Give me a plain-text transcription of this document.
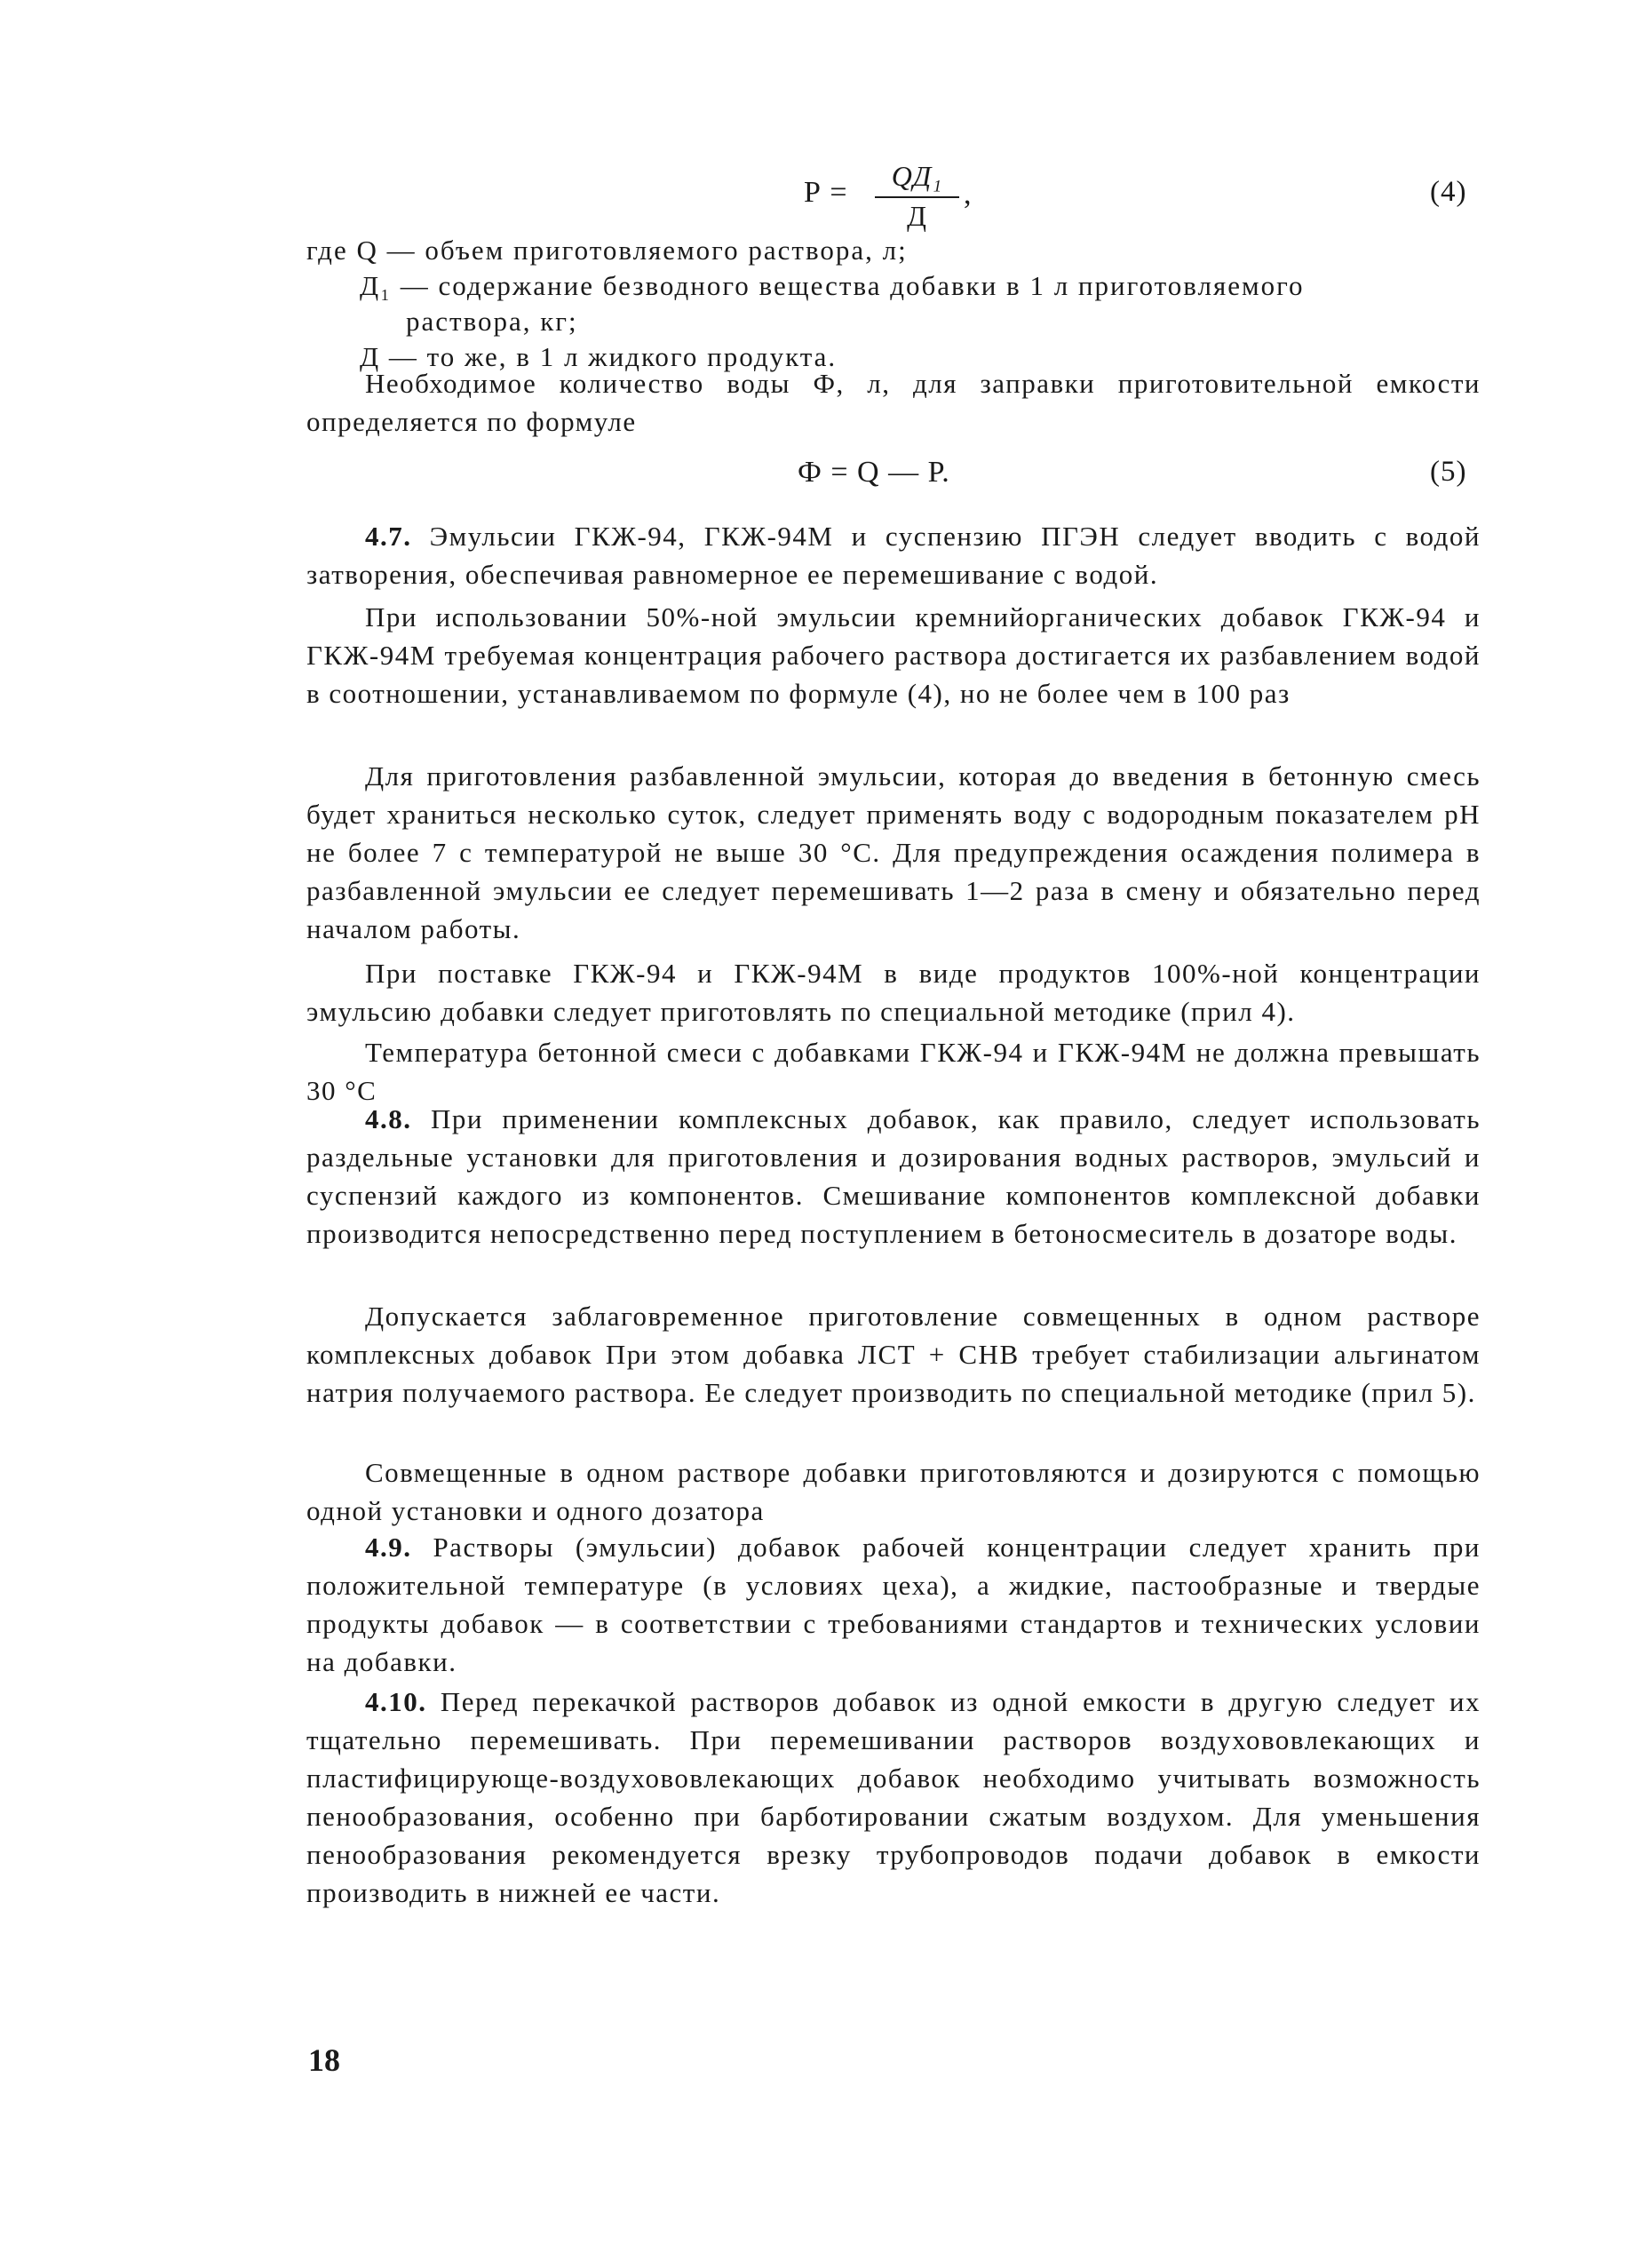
Р =	QД₁
Д
,	(4)
где Q — объем приготовляемого раствора, л;
Д₁ — содержание безводного вещества добавки в 1 л приготовляемого
раствора, кг;
Д — то же, в 1 л жидкого продукта.

Необходимое количество воды Ф, л, для заправки приготовительной емкости определяется по формуле

Ф = Q — Р.	(5)

4.7. Эмульсии ГКЖ-94, ГКЖ-94М и суспензию ПГЭН следует вводить с водой затворения, обеспечивая равномерное ее перемешивание с водой.

При использовании 50%-ной эмульсии кремнийорганических добавок ГКЖ-94 и ГКЖ-94М требуемая концентрация рабочего раствора достигается их разбавлением водой в соотношении, устанавливаемом по формуле (4), но не более чем в 100 раз

Для приготовления разбавленной эмульсии, которая до введения в бетонную смесь будет храниться несколько суток, следует применять воду с водородным показателем pH не более 7 с температурой не выше 30 °С. Для предупреждения осаждения полимера в разбавленной эмульсии ее следует перемешивать 1—2 раза в смену и обязательно перед началом работы.

При поставке ГКЖ-94 и ГКЖ-94М в виде продуктов 100%-ной концентрации эмульсию добавки следует приготовлять по специальной методике (прил 4).

Температура бетонной смеси с добавками ГКЖ-94 и ГКЖ-94М не должна превышать 30 °С

4.8. При применении комплексных добавок, как правило, следует использовать раздельные установки для приготовления и дозирования водных растворов, эмульсий и суспензий каждого из компонентов. Смешивание компонентов комплексной добавки производится непосредственно перед поступлением в бетоносмеситель в дозаторе воды.

Допускается заблаговременное приготовление совмещенных в одном растворе комплексных добавок При этом добавка ЛСТ + СНВ требует стабилизации альгинатом натрия получаемого раствора. Ее следует производить по специальной методике (прил 5).

Совмещенные в одном растворе добавки приготовляются и дозируются с помощью одной установки и одного дозатора

4.9. Растворы (эмульсии) добавок рабочей концентрации следует хранить при положительной температуре (в условиях цеха), а жидкие, пастообразные и твердые продукты добавок — в соответствии с требованиями стандартов и технических условии на добавки.

4.10. Перед перекачкой растворов добавок из одной емкости в другую следует их тщательно перемешивать. При перемешивании растворов воздухововлекающих и пластифицирующе-воздухововлекающих добавок необходимо учитывать возможность пенообразования, особенно при барботировании сжатым воздухом. Для уменьшения пенообразования рекомендуется врезку трубопроводов подачи добавок в емкости производить в нижней ее части.

18
